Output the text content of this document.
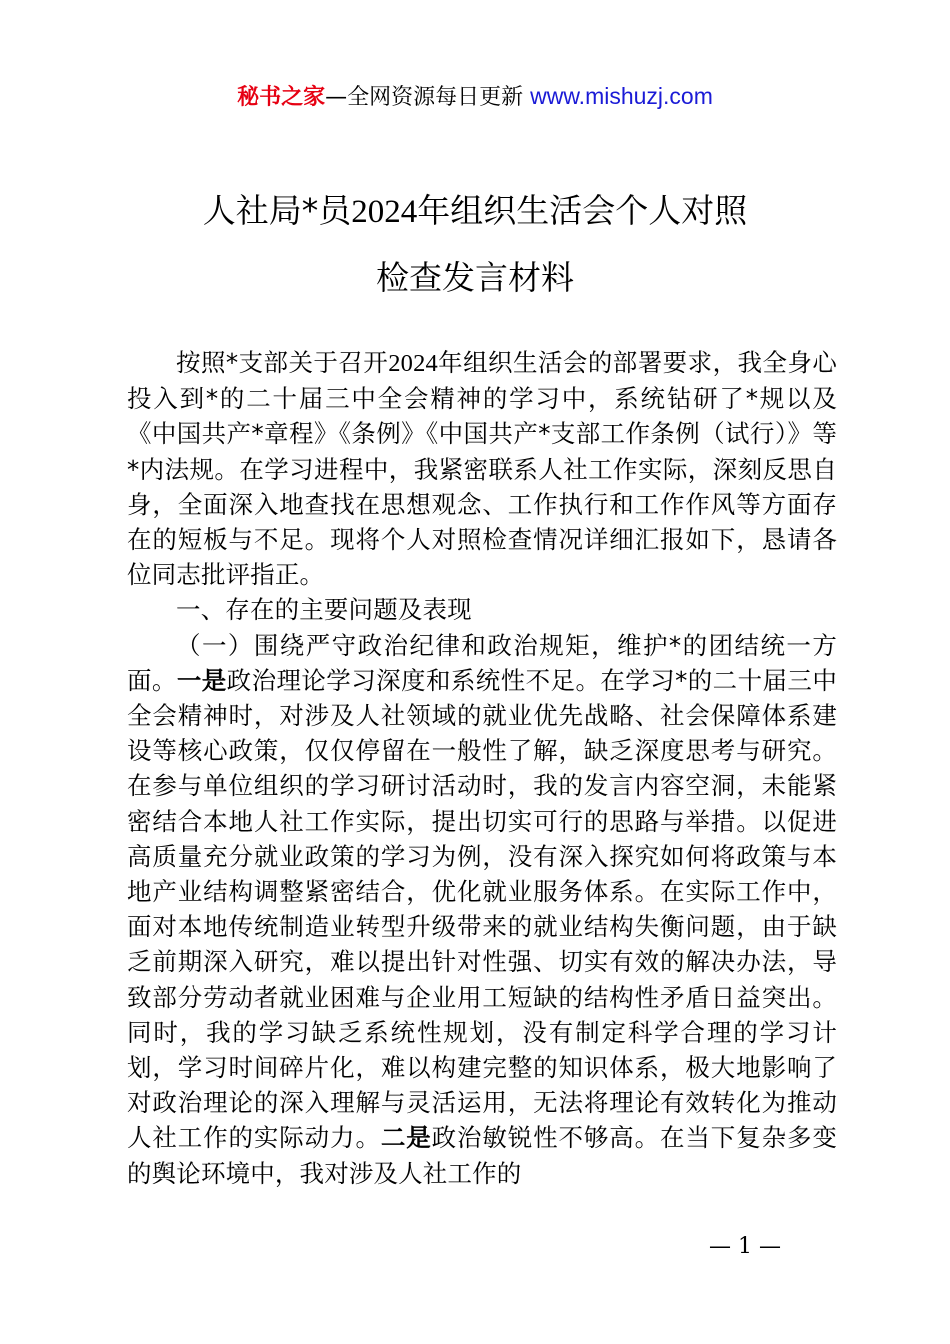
秘书之家—全网资源每日更新 www.mishuzj.com
人社局*员2024年组织生活会个人对照
检查发言材料

按照*支部关于召开2024年组织生活会的部署要求，我全身心投入到*的二十届三中全会精神的学习中，系统钻研了*规以及《中国共产*章程》《条例》《中国共产*支部工作条例（试行）》等*内法规。在学习进程中，我紧密联系人社工作实际，深刻反思自身，全面深入地查找在思想观念、工作执行和工作作风等方面存在的短板与不足。现将个人对照检查情况详细汇报如下，恳请各位同志批评指正。

一、存在的主要问题及表现

（一）围绕严守政治纪律和政治规矩，维护*的团结统一方面。一是政治理论学习深度和系统性不足。在学习*的二十届三中全会精神时，对涉及人社领域的就业优先战略、社会保障体系建设等核心政策，仅仅停留在一般性了解，缺乏深度思考与研究。在参与单位组织的学习研讨活动时，我的发言内容空洞，未能紧密结合本地人社工作实际，提出切实可行的思路与举措。以促进高质量充分就业政策的学习为例，没有深入探究如何将政策与本地产业结构调整紧密结合，优化就业服务体系。在实际工作中，面对本地传统制造业转型升级带来的就业结构失衡问题，由于缺乏前期深入研究，难以提出针对性强、切实有效的解决办法，导致部分劳动者就业困难与企业用工短缺的结构性矛盾日益突出。同时，我的学习缺乏系统性规划，没有制定科学合理的学习计划，学习时间碎片化，难以构建完整的知识体系，极大地影响了对政治理论的深入理解与灵活运用，无法将理论有效转化为推动人社工作的实际动力。二是政治敏锐性不够高。在当下复杂多变的舆论环境中，我对涉及人社工作的

— 1 —
